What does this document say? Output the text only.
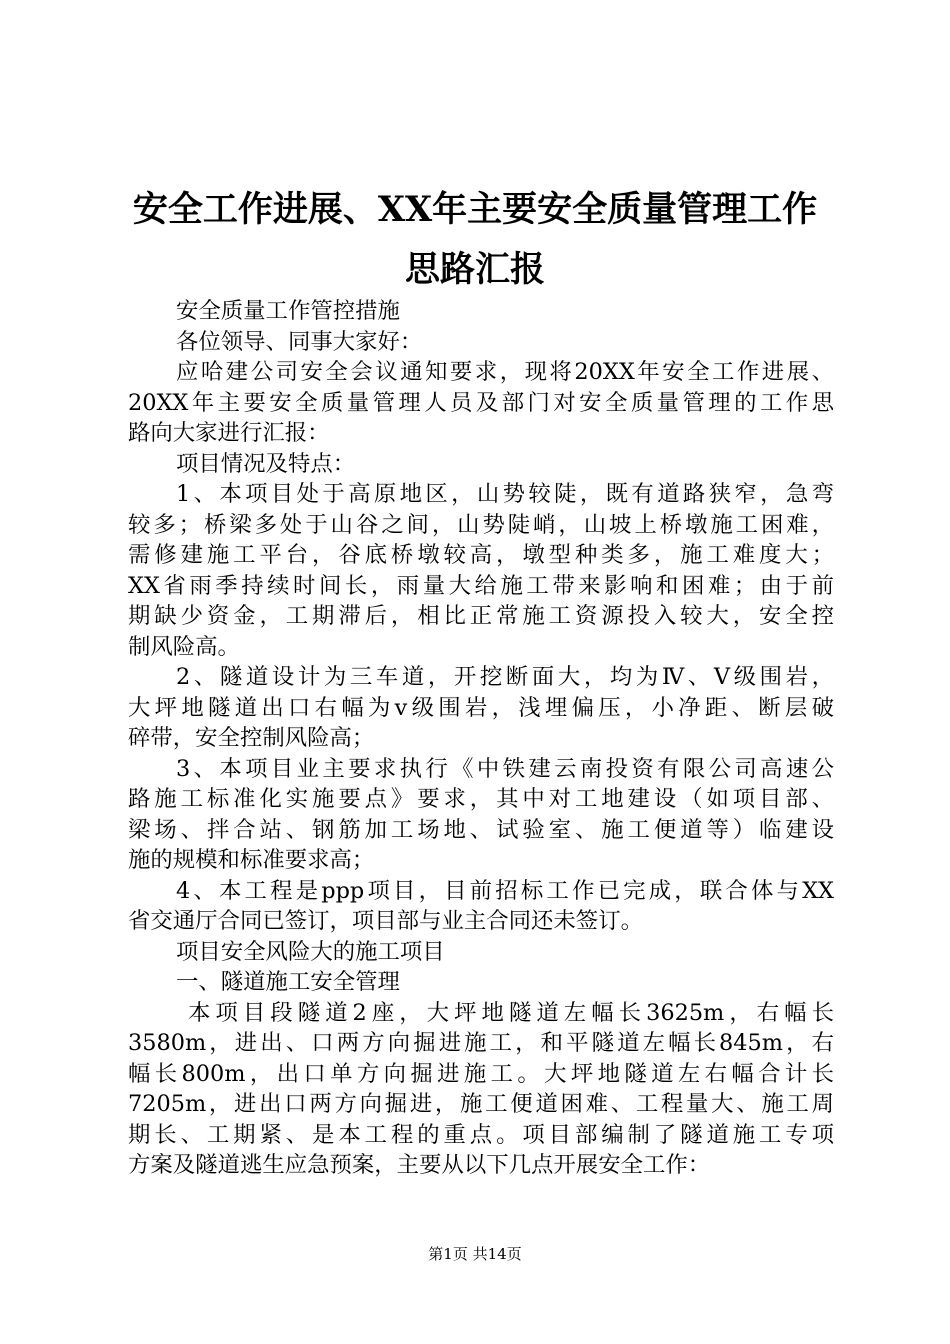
安全工作进展、XX年主要安全质量管理工作
思路汇报
安全质量工作管控措施
各位领导、同事大家好：
应哈建公司安全会议通知要求，现将20XX年安全工作进展、
20XX年主要安全质量管理人员及部门对安全质量管理的工作思
路向大家进行汇报：
项目情况及特点：
1、本项目处于高原地区，山势较陡，既有道路狭窄，急弯
较多；桥梁多处于山谷之间，山势陡峭，山坡上桥墩施工困难，
需修建施工平台，谷底桥墩较高，墩型种类多，施工难度大；
XX省雨季持续时间长，雨量大给施工带来影响和困难；由于前
期缺少资金，工期滞后，相比正常施工资源投入较大，安全控
制风险高。
2、隧道设计为三车道，开挖断面大，均为Ⅳ、Ⅴ级围岩，
大坪地隧道出口右幅为v级围岩，浅埋偏压，小净距、断层破
碎带，安全控制风险高；
3、本项目业主要求执行《中铁建云南投资有限公司高速公
路施工标准化实施要点》要求，其中对工地建设（如项目部、
梁场、拌合站、钢筋加工场地、试验室、施工便道等）临建设
施的规模和标准要求高；
4、本工程是ppp项目，目前招标工作已完成，联合体与XX
省交通厅合同已签订，项目部与业主合同还未签订。
项目安全风险大的施工项目
一、隧道施工安全管理
本项目段隧道2座，大坪地隧道左幅长3625m，右幅长
3580m，进出、口两方向掘进施工，和平隧道左幅长845m，右
幅长800m，出口单方向掘进施工。大坪地隧道左右幅合计长
7205m，进出口两方向掘进，施工便道困难、工程量大、施工周
期长、工期紧、是本工程的重点。项目部编制了隧道施工专项
方案及隧道逃生应急预案，主要从以下几点开展安全工作：
第1页 共14页
